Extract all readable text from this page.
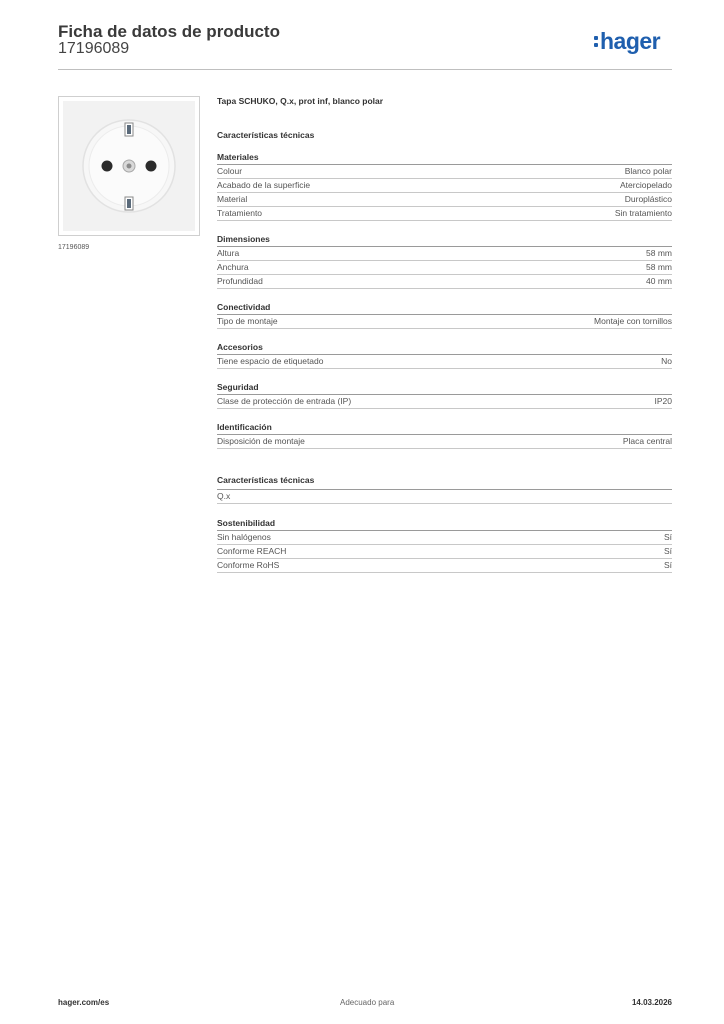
Ficha de datos de producto
17196089	hager
17196089
Tapa SCHUKO, Q.x, prot inf, blanco polar
Características técnicas
Materiales
Colour	Blanco polar
Acabado de la superficie	Aterciopelado
Material	Duroplástico
Tratamiento	Sin tratamiento
Dimensiones
Altura	58 mm
Anchura	58 mm
Profundidad	40 mm
Conectividad
Tipo de montaje	Montaje con tornillos
Accesorios
Tiene espacio de etiquetado	No
Seguridad
Clase de protección de entrada (IP)	IP20
Identificación
Disposición de montaje	Placa central
Características técnicas
Q.x
Sostenibilidad
Sin halógenos	Sí
Conforme REACH	Sí
Conforme RoHS	Sí
hager.com/es	Adecuado para	14.03.2026
